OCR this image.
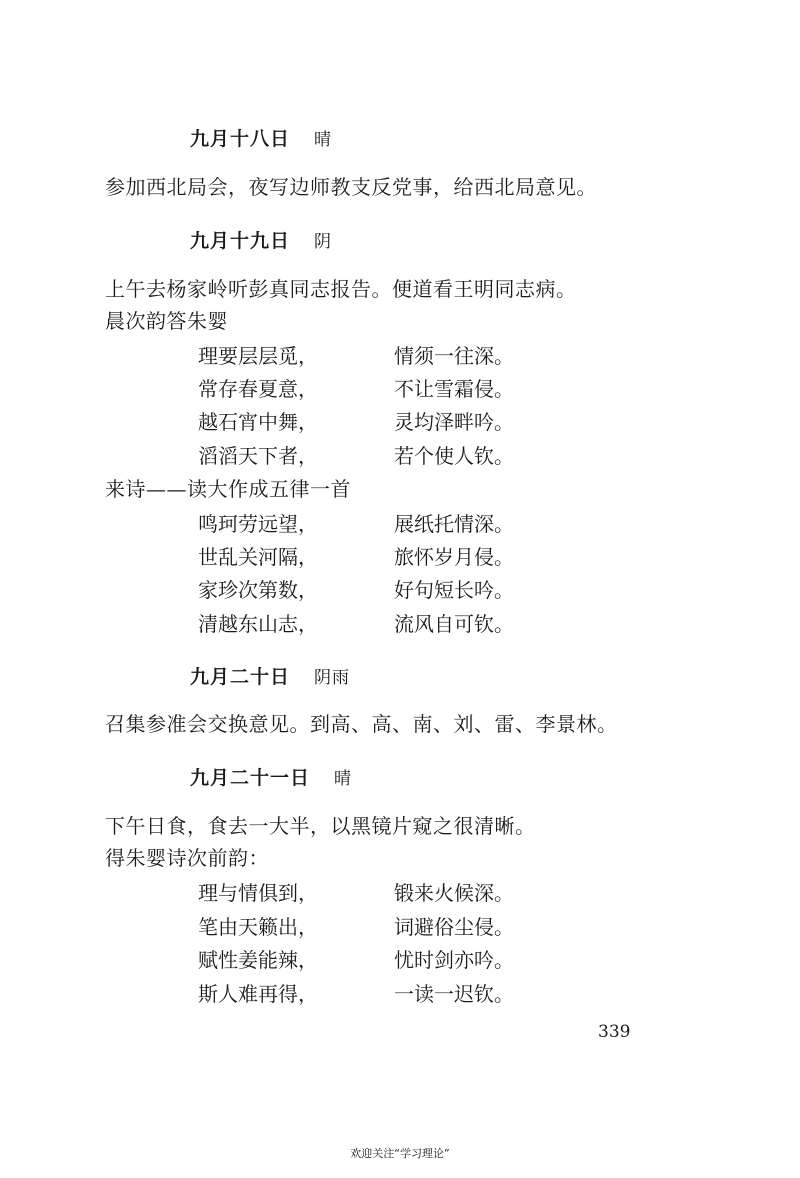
九月十八日 晴
参加西北局会，夜写边师教支反党事，给西北局意见。
九月十九日 阴
上午去杨家岭听彭真同志报告。便道看王明同志病。
晨次韵答朱婴
理要层层觅，	情须一往深。
常存春夏意，	不让雪霜侵。
越石宵中舞，	灵均泽畔吟。
滔滔天下者，	若个使人钦。
来诗——读大作成五律一首
鸣珂劳远望，	展纸托情深。
世乱关河隔，	旅怀岁月侵。
家珍次第数，	好句短长吟。
清越东山志，	流风自可钦。
九月二十日 阴雨
召集参准会交换意见。到高、高、南、刘、雷、李景林。
九月二十一日 晴
下午日食，食去一大半，以黑镜片窥之很清晰。
得朱婴诗次前韵：
理与情俱到，	锻来火候深。
笔由天籁出，	词避俗尘侵。
赋性姜能辣，	忧时剑亦吟。
斯人难再得，	一读一迟钦。
339
欢迎关注“学习理论”
